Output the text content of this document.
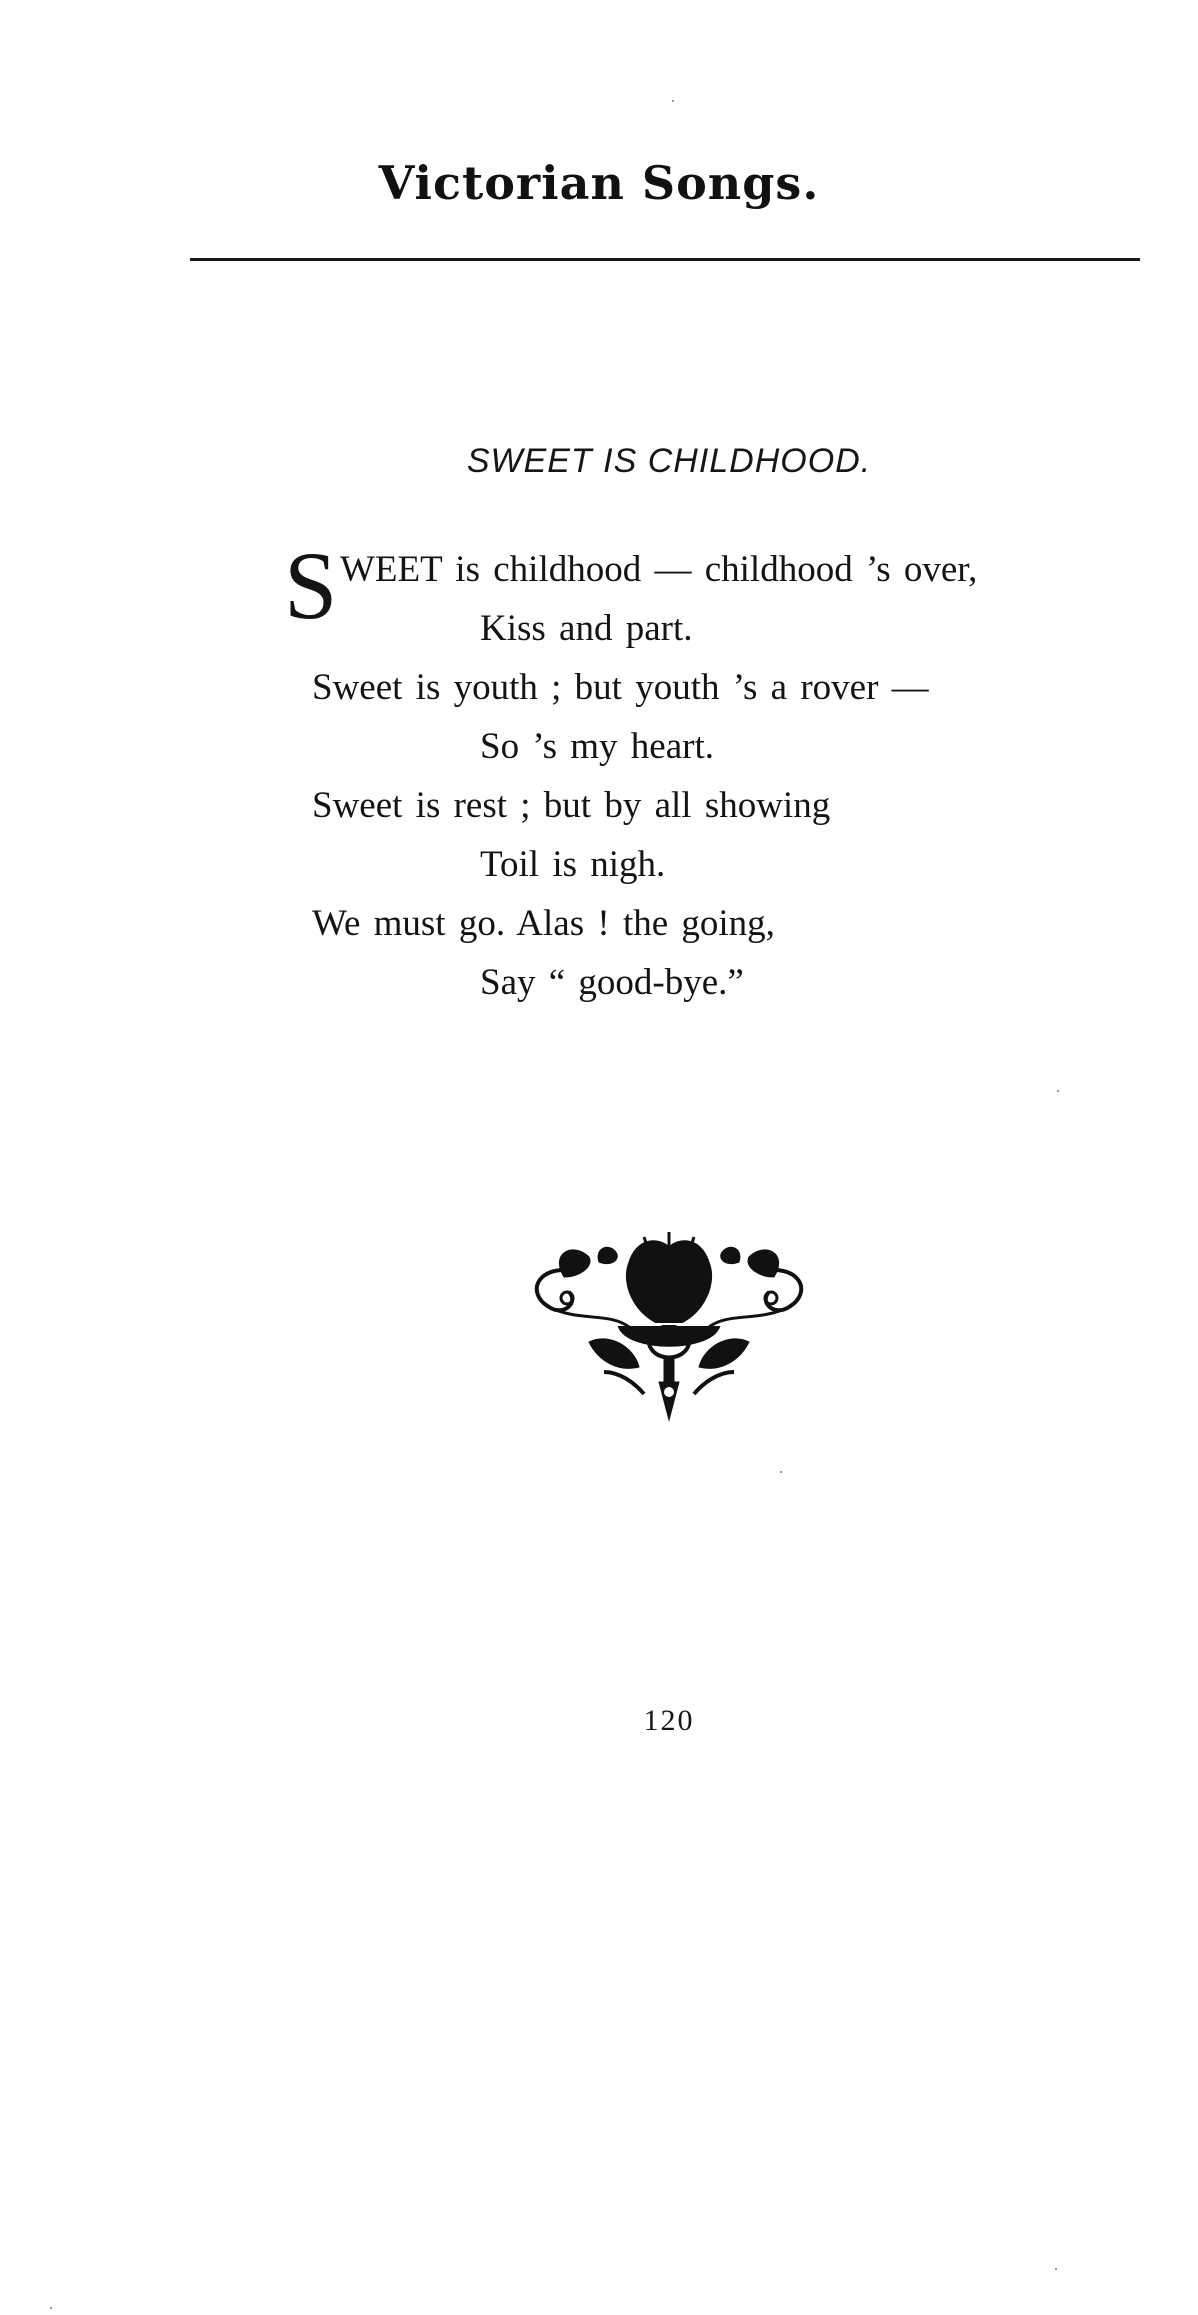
Victorian Songs.
SWEET IS CHILDHOOD.
S WEET is childhood — childhood ’s over,
Kiss and part.
Sweet is youth ; but youth ’s a rover —
So ’s my heart.
Sweet is rest ; but by all showing
Toil is nigh.
We must go. Alas ! the going,
Say “ good-bye.”
120
